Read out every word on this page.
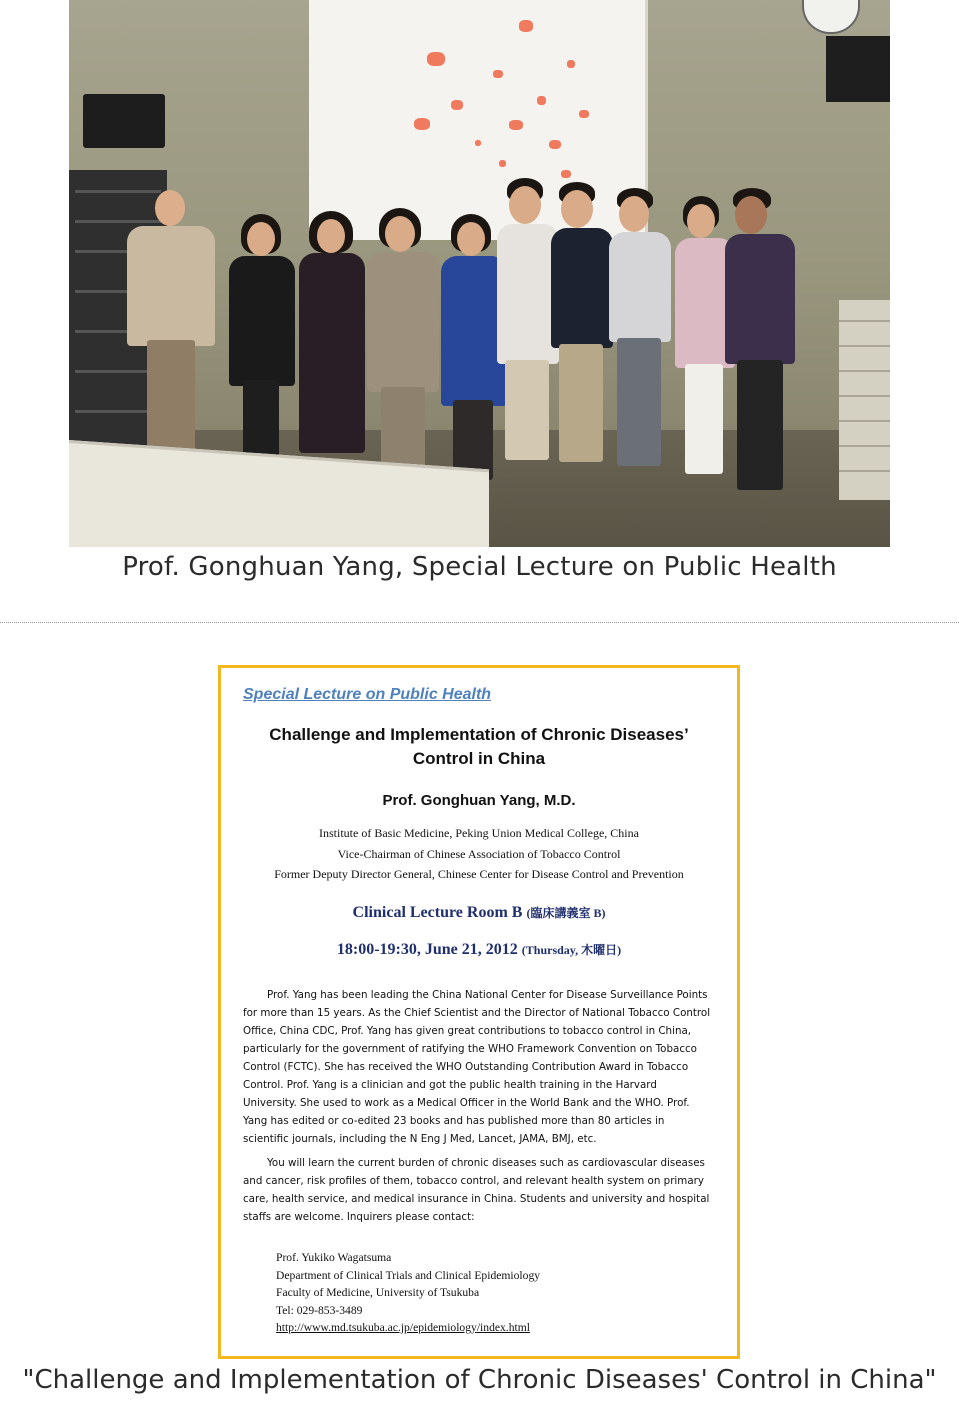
Prof. Gonghuan Yang, Special Lecture on Public Health
Special Lecture on Public Health
Challenge and Implementation of Chronic Diseases’
Control in China
Prof. Gonghuan Yang, M.D.
Institute of Basic Medicine, Peking Union Medical College, China
Vice-Chairman of Chinese Association of Tobacco Control
Former Deputy Director General, Chinese Center for Disease Control and Prevention
Clinical Lecture Room B (臨床講義室 B)
18:00-19:30, June 21, 2012 (Thursday, 木曜日)
Prof. Yang has been leading the China National Center for Disease Surveillance Points for more than 15 years. As the Chief Scientist and the Director of National Tobacco Control Office, China CDC, Prof. Yang has given great contributions to tobacco control in China, particularly for the government of ratifying the WHO Framework Convention on Tobacco Control (FCTC). She has received the WHO Outstanding Contribution Award in Tobacco Control. Prof. Yang is a clinician and got the public health training in the Harvard University. She used to work as a Medical Officer in the World Bank and the WHO. Prof. Yang has edited or co-edited 23 books and has published more than 80 articles in scientific journals, including the N Eng J Med, Lancet, JAMA, BMJ, etc.
You will learn the current burden of chronic diseases such as cardiovascular diseases and cancer, risk profiles of them, tobacco control, and relevant health system on primary care, health service, and medical insurance in China. Students and university and hospital staffs are welcome. Inquirers please contact:
Prof. Yukiko Wagatsuma
Department of Clinical Trials and Clinical Epidemiology
Faculty of Medicine, University of Tsukuba
Tel: 029-853-3489
http://www.md.tsukuba.ac.jp/epidemiology/index.html
"Challenge and Implementation of Chronic Diseases' Control in China"
